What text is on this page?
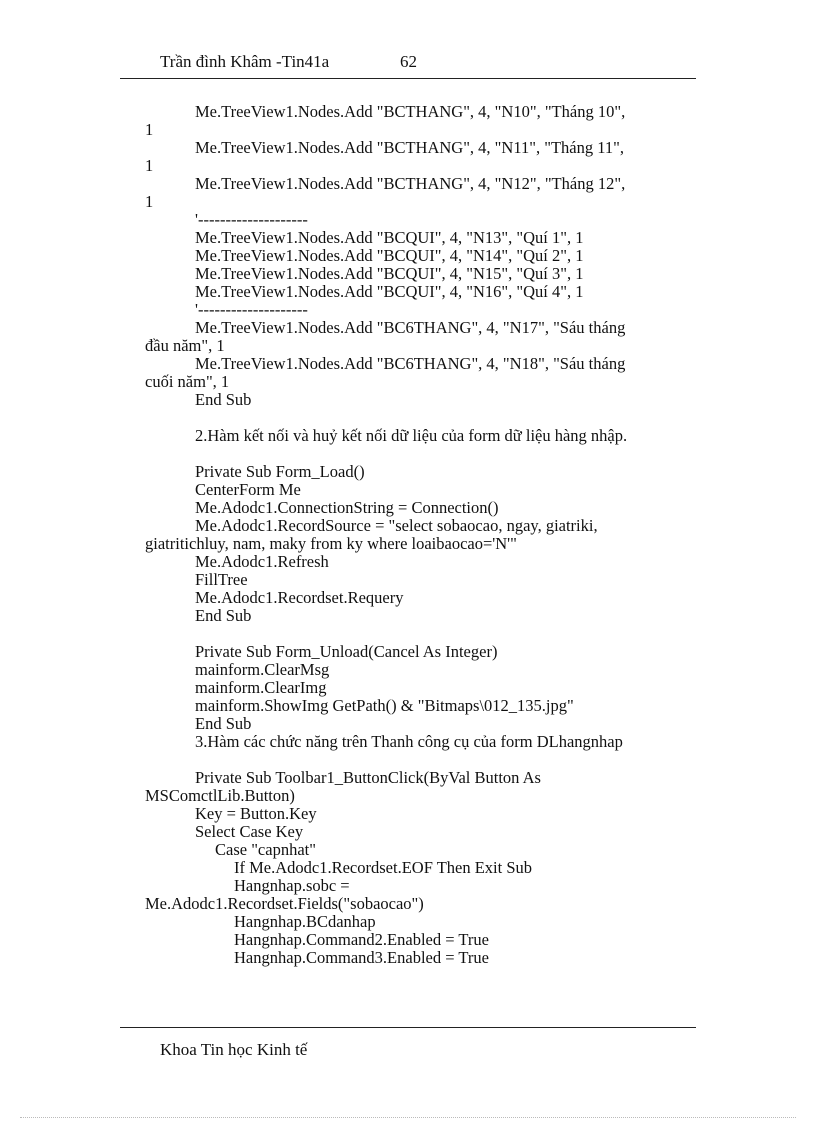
Trần đình Khâm -Tin41a	62
Me.TreeView1.Nodes.Add "BCTHANG", 4, "N10", "Tháng 10",
1
Me.TreeView1.Nodes.Add "BCTHANG", 4, "N11", "Tháng 11",
1
Me.TreeView1.Nodes.Add "BCTHANG", 4, "N12", "Tháng 12",
1
'--------------------
Me.TreeView1.Nodes.Add "BCQUI", 4, "N13", "Quí 1", 1
Me.TreeView1.Nodes.Add "BCQUI", 4, "N14", "Quí 2", 1
Me.TreeView1.Nodes.Add "BCQUI", 4, "N15", "Quí 3", 1
Me.TreeView1.Nodes.Add "BCQUI", 4, "N16", "Quí 4", 1
'--------------------
Me.TreeView1.Nodes.Add "BC6THANG", 4, "N17", "Sáu tháng
đầu năm", 1
Me.TreeView1.Nodes.Add "BC6THANG", 4, "N18", "Sáu tháng
cuối năm", 1
End Sub
2.Hàm kết nối và huỷ kết nối dữ liệu của form dữ liệu hàng nhập.
Private Sub Form_Load()
CenterForm Me
Me.Adodc1.ConnectionString = Connection()
Me.Adodc1.RecordSource = "select sobaocao, ngay, giatriki,
giatritichluy, nam, maky from ky where loaibaocao='N'"
Me.Adodc1.Refresh
FillTree
Me.Adodc1.Recordset.Requery
End Sub
Private Sub Form_Unload(Cancel As Integer)
mainform.ClearMsg
mainform.ClearImg
mainform.ShowImg GetPath() & "Bitmaps\012_135.jpg"
End Sub
3.Hàm các chức năng trên Thanh công cụ của form DLhangnhap
Private Sub Toolbar1_ButtonClick(ByVal Button As
MSComctlLib.Button)
Key = Button.Key
Select Case Key
Case "capnhat"
If Me.Adodc1.Recordset.EOF Then Exit Sub
Hangnhap.sobc =
Me.Adodc1.Recordset.Fields("sobaocao")
Hangnhap.BCdanhap
Hangnhap.Command2.Enabled = True
Hangnhap.Command3.Enabled = True
Khoa Tin học Kinh tế
